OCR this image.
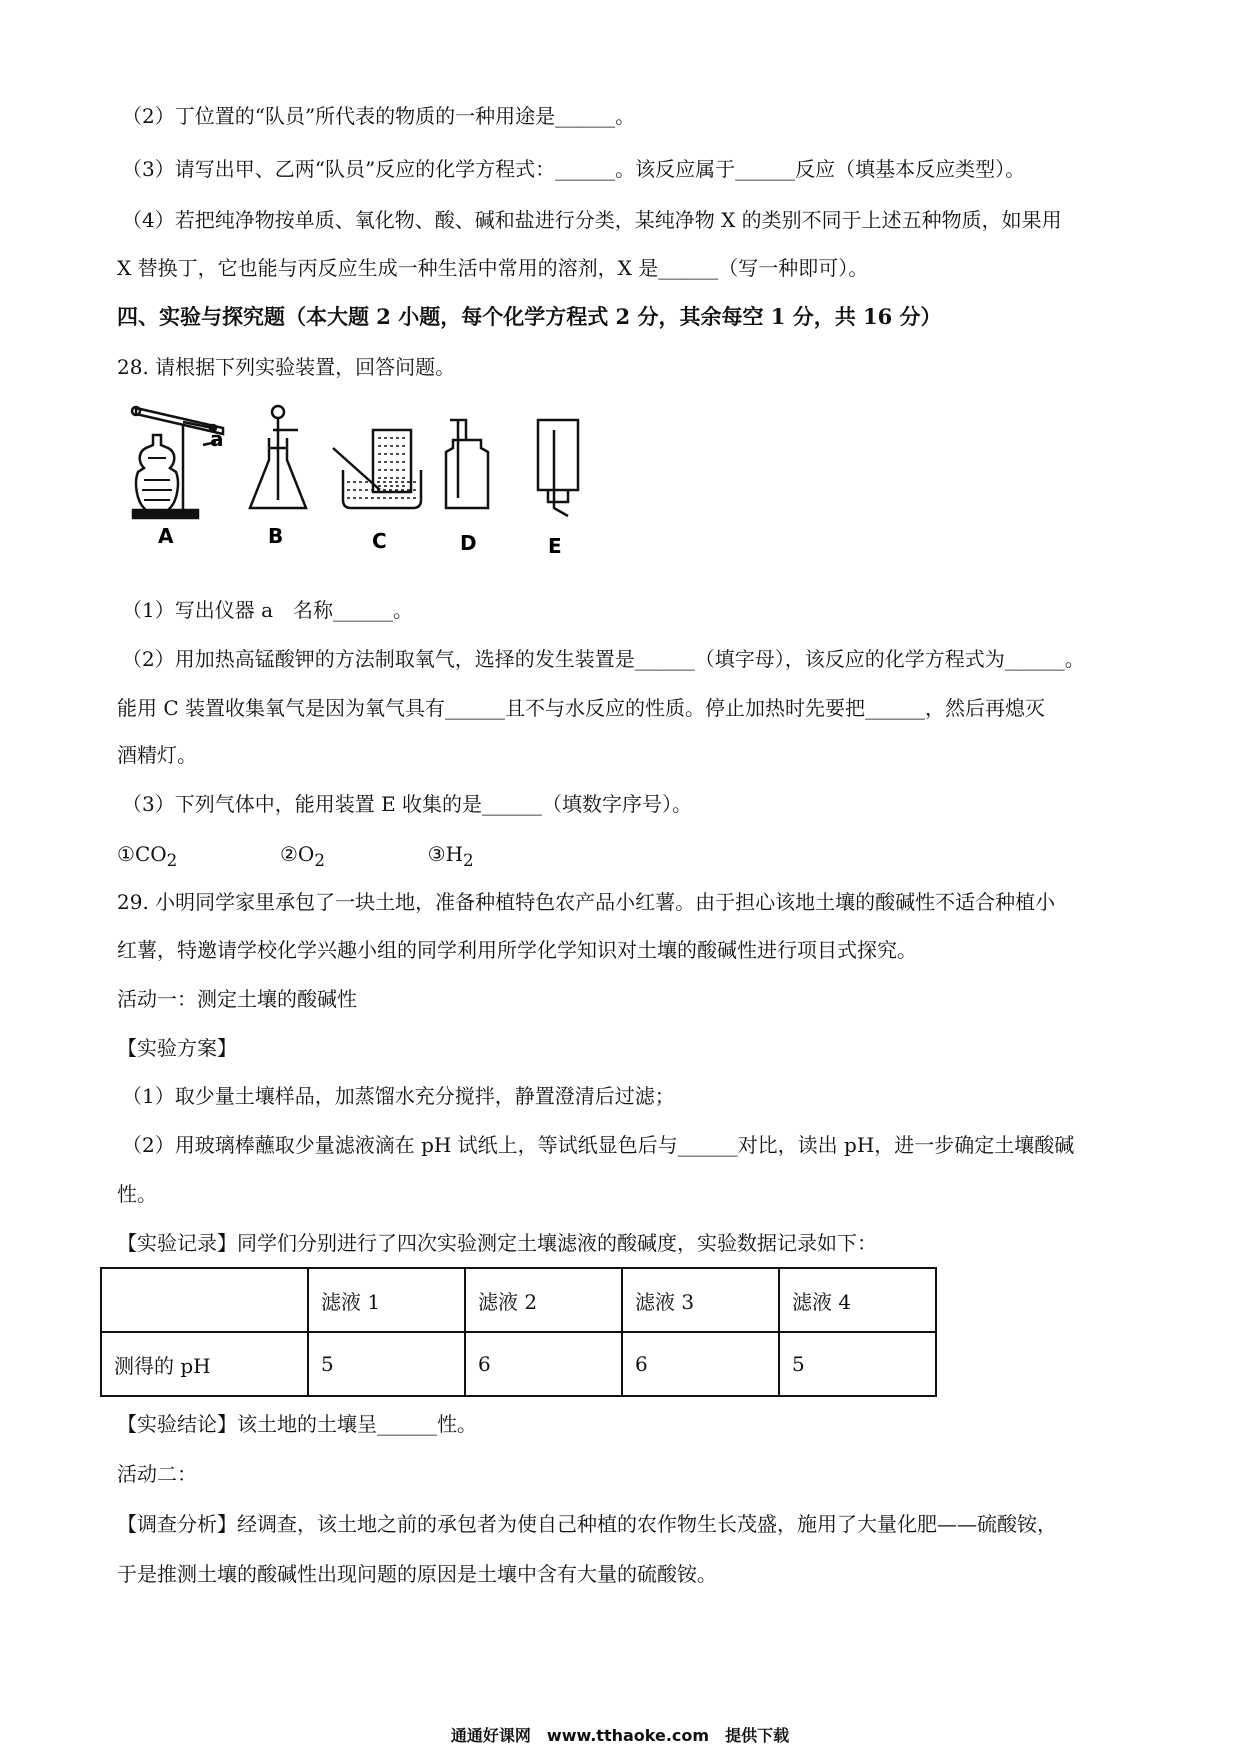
（2）丁位置的“队员”所代表的物质的一种用途是______。
（3）请写出甲、乙两“队员”反应的化学方程式：______。该反应属于______反应（填基本反应类型）。
（4）若把纯净物按单质、氧化物、酸、碱和盐进行分类，某纯净物 X 的类别不同于上述五种物质，如果用
X 替换丁，它也能与丙反应生成一种生活中常用的溶剂，X 是______（写一种即可）。
四、实验与探究题（本大题 2 小题，每个化学方程式 2 分，其余每空 1 分，共 16 分）
28. 请根据下列实验装置，回答问题。
a
A	B	C	D	E
（1）写出仪器 a　名称______。
（2）用加热高锰酸钾的方法制取氧气，选择的发生装置是______（填字母），该反应的化学方程式为______。
能用 C 装置收集氧气是因为氧气具有______且不与水反应的性质。停止加热时先要把______，然后再熄灭
酒精灯。
（3）下列气体中，能用装置 E 收集的是______（填数字序号）。
$①CO_2$	$②O_2$	$③H_2$
29. 小明同学家里承包了一块土地，准备种植特色农产品小红薯。由于担心该地土壤的酸碱性不适合种植小
红薯，特邀请学校化学兴趣小组的同学利用所学化学知识对土壤的酸碱性进行项目式探究。
活动一：测定土壤的酸碱性
【实验方案】
（1）取少量土壤样品，加蒸馏水充分搅拌，静置澄清后过滤；
（2）用玻璃棒蘸取少量滤液滴在 pH 试纸上，等试纸显色后与______对比，读出 pH，进一步确定土壤酸碱
性。
【实验记录】同学们分别进行了四次实验测定土壤滤液的酸碱度，实验数据记录如下：
	滤液 1	滤液 2	滤液 3	滤液 4
测得的 pH	5	6	6	5
【实验结论】该土地的土壤呈______性。
活动二：
【调查分析】经调查，该土地之前的承包者为使自己种植的农作物生长茂盛，施用了大量化肥——硫酸铵，
于是推测土壤的酸碱性出现问题的原因是土壤中含有大量的硫酸铵。
通通好课网　www.tthaoke.com　提供下载
